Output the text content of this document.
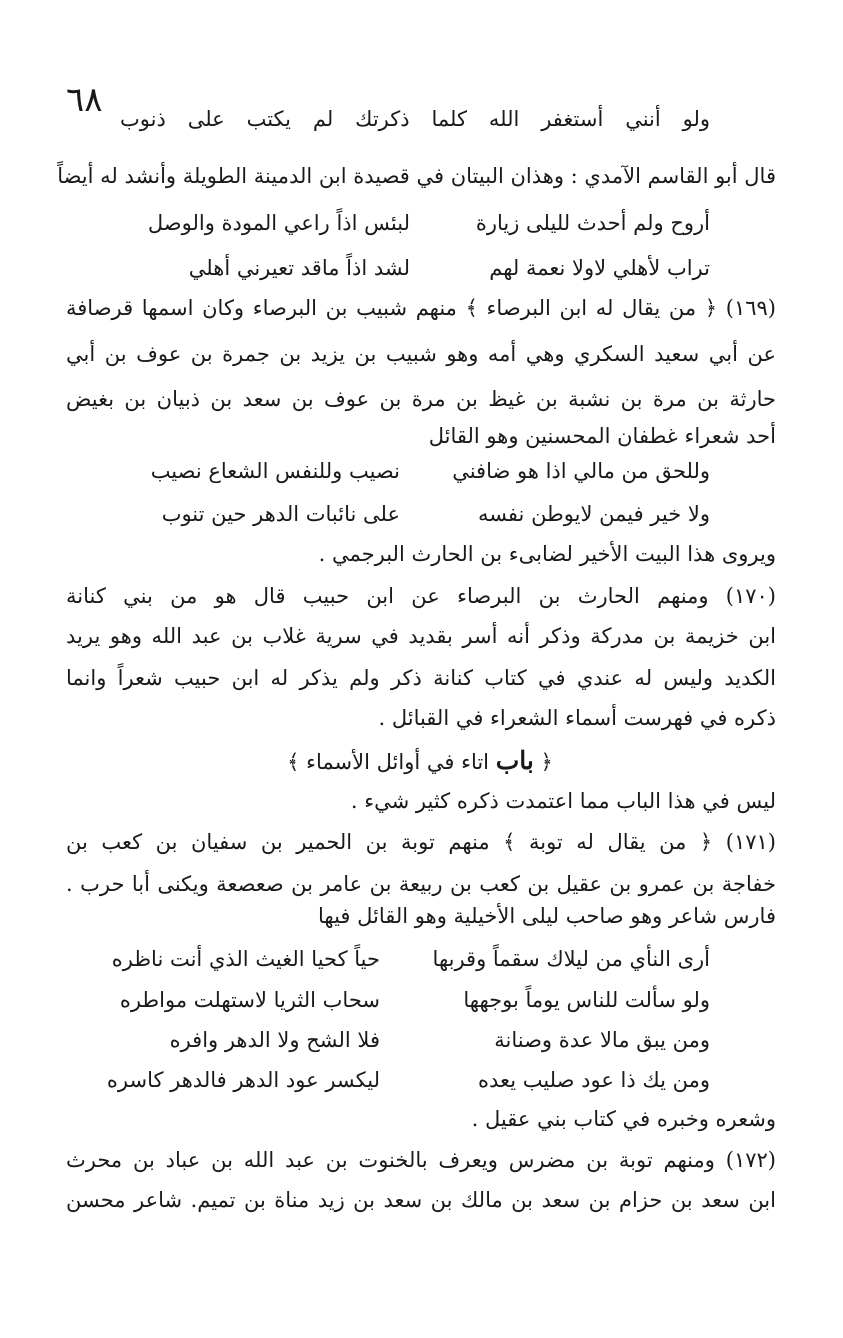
٦٨ ولو أنني أستغفر الله كلما ذكرتك لم يكتب على ذنوب
قال أبو القاسم الآمدي : وهذان البيتان في قصيدة ابن الدمينة الطويلة وأنشد له أيضاً
أروح ولم أحدث لليلى زيارة
لبئس اذاً راعي المودة والوصل
تراب لأهلي لاولا نعمة لهم
لشد اذاً ماقد تعيرني أهلي
(١٦٩) ﴿ من يقال له ابن البرصاء ﴾ منهم شبيب بن البرصاء وكان اسمها قرصافة
عن أبي سعيد السكري وهي أمه وهو شبيب بن يزيد بن جمرة بن عوف بن أبي
حارثة بن مرة بن نشبة بن غيظ بن مرة بن عوف بن سعد بن ذبيان بن بغيض
أحد شعراء غطفان المحسنين وهو القائل
وللحق من مالي اذا هو ضافني
نصيب وللنفس الشعاع نصيب
ولا خير فيمن لايوطن نفسه
على نائبات الدهر حين تنوب
ويروى هذا البيت الأخير لضابىء بن الحارث البرجمي .
(١٧٠) ومنهم الحارث بن البرصاء عن ابن حبيب قال هو من بني كنانة
ابن خزيمة بن مدركة وذكر أنه أسر بقديد في سرية غلاب بن عبد الله وهو يريد
الكديد وليس له عندي في كتاب كنانة ذكر ولم يذكر له ابن حبيب شعراً وانما
ذكره في فهرست أسماء الشعراء في القبائل .
﴿ باب اتاء في أوائل الأسماء ﴾
ليس في هذا الباب مما اعتمدت ذكره كثير شيء .
(١٧١) ﴿ من يقال له توبة ﴾ منهم توبة بن الحمير بن سفيان بن كعب بن
خفاجة بن عمرو بن عقيل بن كعب بن ربيعة بن عامر بن صعصعة ويكنى أبا حرب .
فارس شاعر وهو صاحب ليلى الأخيلية وهو القائل فيها
أرى النأي من ليلاك سقماً وقربها
حياً كحيا الغيث الذي أنت ناظره
ولو سألت للناس يوماً بوجهها
سحاب الثريا لاستهلت مواطره
ومن يبق مالا عدة وصنانة
فلا الشح ولا الدهر وافره
ومن يك ذا عود صليب يعده
ليكسر عود الدهر فالدهر كاسره
وشعره وخبره في كتاب بني عقيل .
(١٧٢) ومنهم توبة بن مضرس ويعرف بالخنوت بن عبد الله بن عباد بن محرث
ابن سعد بن حزام بن سعد بن مالك بن سعد بن زيد مناة بن تميم. شاعر محسن
